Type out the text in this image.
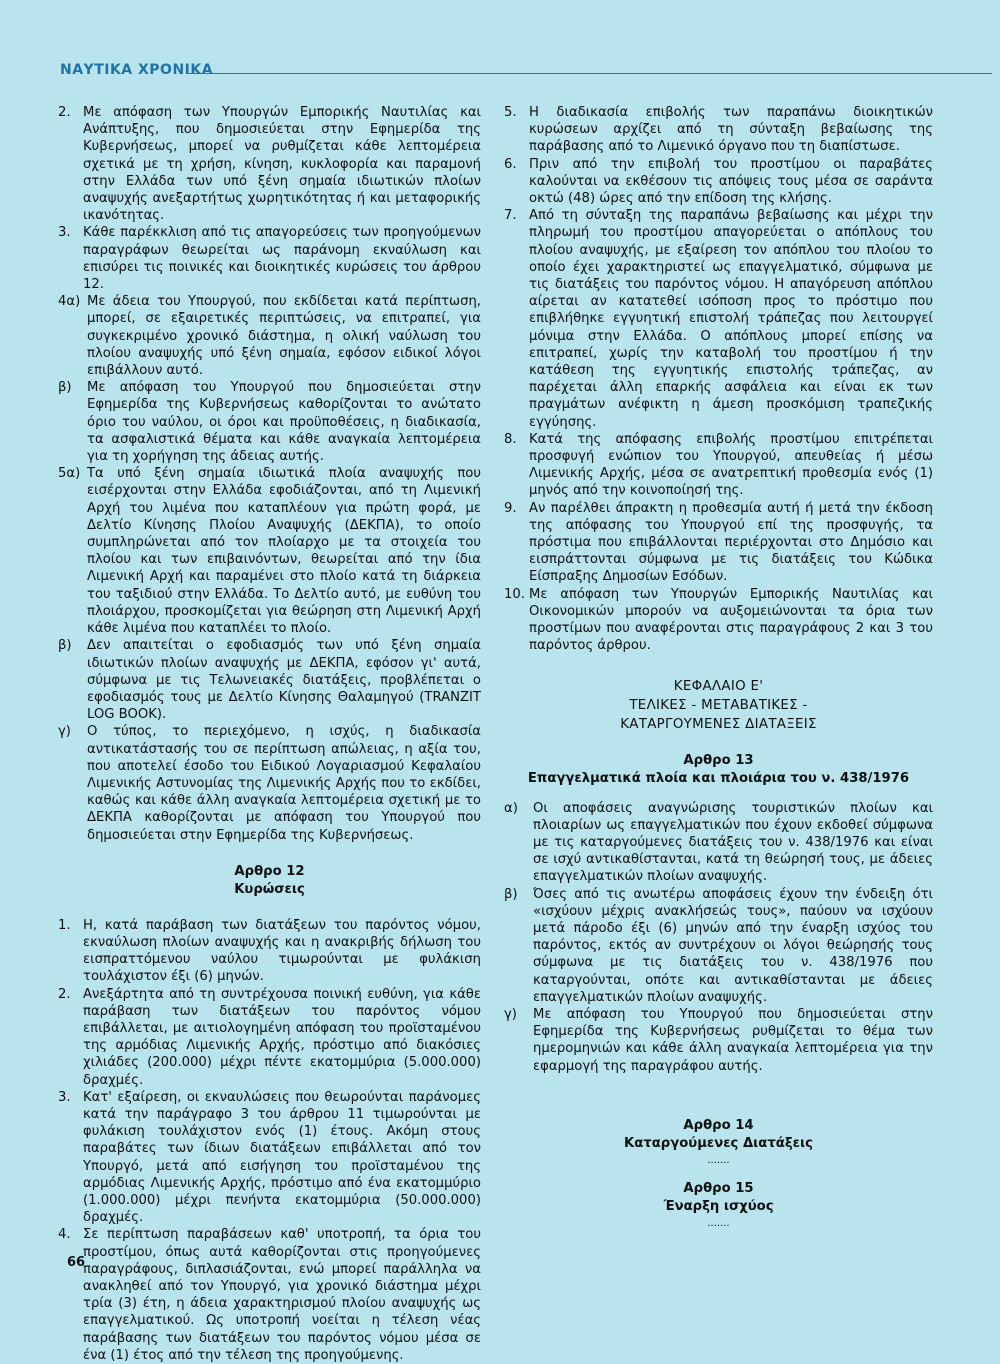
ΝΑΥΤΙΚΑ ΧΡΟΝΙΚΑ
2. Με απόφαση των Υπουργών Εμπορικής Ναυτιλίας και Ανάπτυξης, που δημοσιεύεται στην Εφημερίδα της Κυβερνήσεως, μπορεί να ρυθμίζεται κάθε λεπτομέρεια σχετικά με τη χρήση, κίνηση, κυκλοφορία και παραμονή στην Ελλάδα των υπό ξένη σημαία ιδιωτικών πλοίων αναψυχής ανεξαρτήτως χωρητικότητας ή και μεταφορικής ικανότητας.
3. Κάθε παρέκκλιση από τις απαγορεύσεις των προηγούμενων παραγράφων θεωρείται ως παράνομη εκναύλωση και επισύρει τις ποινικές και διοικητικές κυρώσεις του άρθρου 12.
4α) Με άδεια του Υπουργού, που εκδίδεται κατά περίπτωση, μπορεί, σε εξαιρετικές περιπτώσεις, να επιτραπεί, για συγκεκριμένο χρονικό διάστημα, η ολική ναύλωση του πλοίου αναψυχής υπό ξένη σημαία, εφόσον ειδικοί λόγοι επιβάλλουν αυτό.
β)	Με απόφαση του Υπουργού που δημοσιεύεται στην Εφημερίδα της Κυβερνήσεως καθορίζονται το ανώτατο όριο του ναύλου, οι όροι και προϋποθέσεις, η διαδικασία, τα ασφαλιστικά θέματα και κάθε αναγκαία λεπτομέρεια για τη χορήγηση της άδειας αυτής.
5α) Τα υπό ξένη σημαία ιδιωτικά πλοία αναψυχής που εισέρχονται στην Ελλάδα εφοδιάζονται, από τη Λιμενική Αρχή του λιμένα που καταπλέουν για πρώτη φορά, με Δελτίο Κίνησης Πλοίου Αναψυχής (ΔΕΚΠΑ), το οποίο συμπληρώνεται από τον πλοίαρχο με τα στοιχεία του πλοίου και των επιβαινόντων, θεωρείται από την ίδια Λιμενική Αρχή και παραμένει στο πλοίο κατά τη διάρκεια του ταξιδιού στην Ελλάδα. Το Δελτίο αυτό, με ευθύνη του πλοιάρχου, προσκομίζεται για θεώρηση στη Λιμενική Αρχή κάθε λιμένα που καταπλέει το πλοίο.
β)	Δεν απαιτείται ο εφοδιασμός των υπό ξένη σημαία ιδιωτικών πλοίων αναψυχής με ΔΕΚΠΑ, εφόσον γι' αυτά, σύμφωνα με τις Τελωνειακές διατάξεις, προβλέπεται ο εφοδιασμός τους με Δελτίο Κίνησης Θαλαμηγού (TRANZIT LOG BOOK).
γ)	Ο τύπος, το περιεχόμενο, η ισχύς, η διαδικασία αντικατάστασής του σε περίπτωση απώλειας, η αξία του, που αποτελεί έσοδο του Ειδικού Λογαριασμού Κεφαλαίου Λιμενικής Αστυνομίας της Λιμενικής Αρχής που το εκδίδει, καθώς και κάθε άλλη αναγκαία λεπτομέρεια σχετική με το ΔΕΚΠΑ καθορίζονται με απόφαση του Υπουργού που δημοσιεύεται στην Εφημερίδα της Κυβερνήσεως.
Αρθρο 12
Κυρώσεις
1. Η, κατά παράβαση των διατάξεων του παρόντος νόμου, εκναύλωση πλοίων αναψυχής και η ανακριβής δήλωση του εισπραττόμενου ναύλου τιμωρούνται με φυλάκιση τουλάχιστον έξι (6) μηνών.
2. Ανεξάρτητα από τη συντρέχουσα ποινική ευθύνη, για κάθε παράβαση των διατάξεων του παρόντος νόμου επιβάλλεται, με αιτιολογημένη απόφαση του προϊσταμένου της αρμόδιας Λιμενικής Αρχής, πρόστιμο από διακόσιες χιλιάδες (200.000) μέχρι πέντε εκατομμύρια (5.000.000) δραχμές.
3. Κατ' εξαίρεση, οι εκναυλώσεις που θεωρούνται παράνομες κατά την παράγραφο 3 του άρθρου 11 τιμωρούνται με φυλάκιση τουλάχιστον ενός (1) έτους. Ακόμη στους παραβάτες των ίδιων διατάξεων επιβάλλεται από τον Υπουργό, μετά από εισήγηση του προϊσταμένου της αρμόδιας Λιμενικής Αρχής, πρόστιμο από ένα εκατομμύριο (1.000.000) μέχρι πενήντα εκατομμύρια (50.000.000) δραχμές.
4. Σε περίπτωση παραβάσεων καθ' υποτροπή, τα όρια του προστίμου, όπως αυτά καθορίζονται στις προηγούμενες παραγράφους, διπλασιάζονται, ενώ μπορεί παράλληλα να ανακληθεί από τον Υπουργό, για χρονικό διάστημα μέχρι τρία (3) έτη, η άδεια χαρακτηρισμού πλοίου αναψυχής ως επαγγελματικού. Ως υποτροπή νοείται η τέλεση νέας παράβασης των διατάξεων του παρόντος νόμου μέσα σε ένα (1) έτος από την τέλεση της προηγούμενης.
5. Η διαδικασία επιβολής των παραπάνω διοικητικών κυρώσεων αρχίζει από τη σύνταξη βεβαίωσης της παράβασης από το Λιμενικό όργανο που τη διαπίστωσε.
6. Πριν από την επιβολή του προστίμου οι παραβάτες καλούνται να εκθέσουν τις απόψεις τους μέσα σε σαράντα οκτώ (48) ώρες από την επίδοση της κλήσης.
7. Από τη σύνταξη της παραπάνω βεβαίωσης και μέχρι την πληρωμή του προστίμου απαγορεύεται ο απόπλους του πλοίου αναψυχής, με εξαίρεση τον απόπλου του πλοίου το οποίο έχει χαρακτηριστεί ως επαγγελματικό, σύμφωνα με τις διατάξεις του παρόντος νόμου. Η απαγόρευση απόπλου αίρεται αν κατατεθεί ισόποση προς το πρόστιμο που επιβλήθηκε εγγυητική επιστολή τράπεζας που λειτουργεί μόνιμα στην Ελλάδα. Ο απόπλους μπορεί επίσης να επιτραπεί, χωρίς την καταβολή του προστίμου ή την κατάθεση της εγγυητικής επιστολής τράπεζας, αν παρέχεται άλλη επαρκής ασφάλεια και είναι εκ των πραγμάτων ανέφικτη η άμεση προσκόμιση τραπεζικής εγγύησης.
8. Κατά της απόφασης επιβολής προστίμου επιτρέπεται προσφυγή ενώπιον του Υπουργού, απευθείας ή μέσω Λιμενικής Αρχής, μέσα σε ανατρεπτική προθεσμία ενός (1) μηνός από την κοινοποίησή της.
9. Αν παρέλθει άπρακτη η προθεσμία αυτή ή μετά την έκδοση της απόφασης του Υπουργού επί της προσφυγής, τα πρόστιμα που επιβάλλονται περιέρχονται στο Δημόσιο και εισπράττονται σύμφωνα με τις διατάξεις του Κώδικα Είσπραξης Δημοσίων Εσόδων.
10. Με απόφαση των Υπουργών Εμπορικής Ναυτιλίας και Οικονομικών μπορούν να αυξομειώνονται τα όρια των προστίμων που αναφέρονται στις παραγράφους 2 και 3 του παρόντος άρθρου.
ΚΕΦΑΛΑΙΟ Ε'
ΤΕΛΙΚΕΣ - ΜΕΤΑΒΑΤΙΚΕΣ -
ΚΑΤΑΡΓΟΥΜΕΝΕΣ ΔΙΑΤΑΞΕΙΣ
Αρθρο 13
Επαγγελματικά πλοία και πλοιάρια του ν. 438/1976
α)	Οι αποφάσεις αναγνώρισης τουριστικών πλοίων και πλοιαρίων ως επαγγελματικών που έχουν εκδοθεί σύμφωνα με τις καταργούμενες διατάξεις του ν. 438/1976 και είναι σε ισχύ αντικαθίστανται, κατά τη θεώρησή τους, με άδειες επαγγελματικών πλοίων αναψυχής.
β)	Όσες από τις ανωτέρω αποφάσεις έχουν την ένδειξη ότι «ισχύουν μέχρις ανακλήσεώς τους», παύουν να ισχύουν μετά πάροδο έξι (6) μηνών από την έναρξη ισχύος του παρόντος, εκτός αν συντρέχουν οι λόγοι θεώρησής τους σύμφωνα με τις διατάξεις του ν. 438/1976 που καταργούνται, οπότε και αντικαθίστανται με άδειες επαγγελματικών πλοίων αναψυχής.
γ)	Με απόφαση του Υπουργού που δημοσιεύεται στην Εφημερίδα της Κυβερνήσεως ρυθμίζεται το θέμα των ημερομηνιών και κάθε άλλη αναγκαία λεπτομέρεια για την εφαρμογή της παραγράφου αυτής.
Αρθρο 14
Καταργούμενες Διατάξεις
.......
Αρθρο 15
Έναρξη ισχύος
.......
66
